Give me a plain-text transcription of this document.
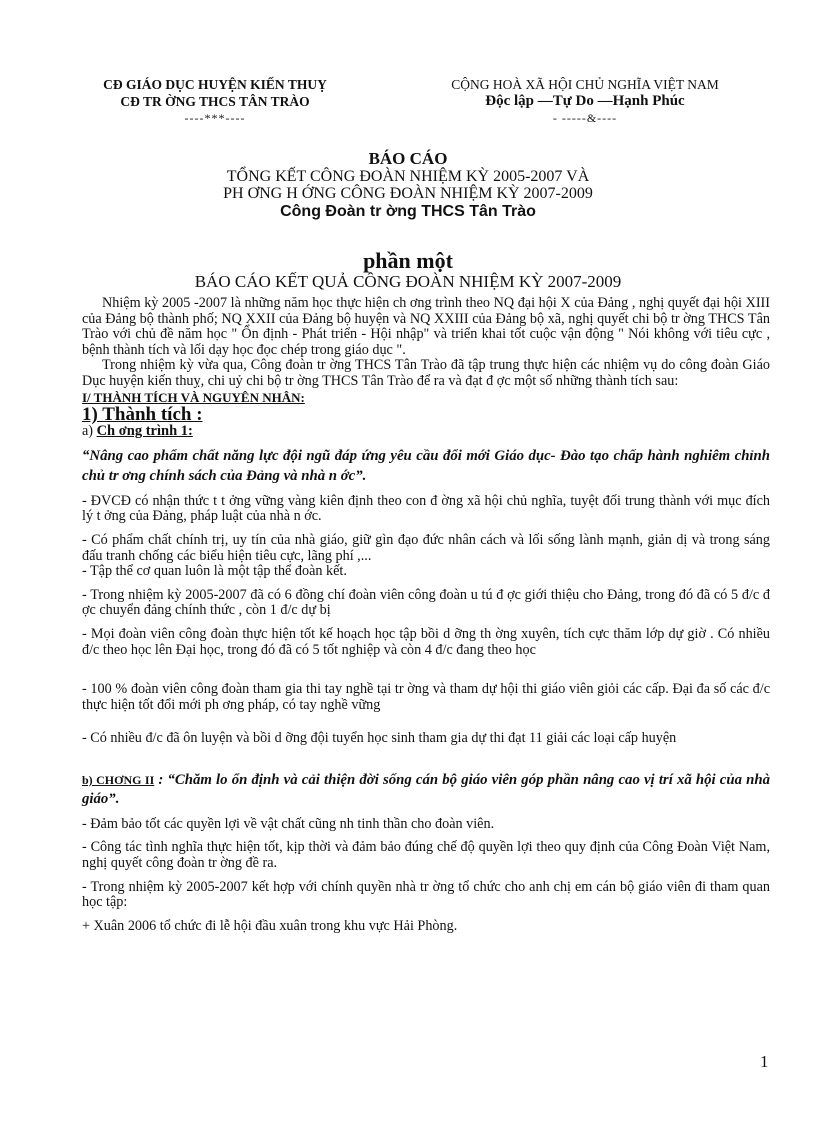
CĐ GIÁO DỤC HUYỆN KIẾN THUỴ
CĐ TR ỜNG THCS TÂN TRÀO
----***----
CỘNG HOÀ XÃ HỘI CHỦ NGHĨA VIỆT NAM
Độc lập —Tự Do —Hạnh Phúc
- -----&----
BÁO CÁO
TỔNG KẾT CÔNG ĐOÀN NHIỆM KỲ 2005-2007 VÀ
PH ƠNG H ỚNG CÔNG ĐOÀN NHIỆM KỲ 2007-2009
Công Đoàn tr ờng THCS Tân Trào
phần một
BÁO CÁO KẾT QUẢ CÔNG ĐOÀN NHIỆM KỲ 2007-2009

Nhiệm kỳ 2005 -2007 là những năm học thực hiện ch ơng trình theo NQ đại hội X của Đảng , nghị quyết đại hội XIII của Đảng bộ thành phố; NQ XXII của Đảng bộ huyện và NQ XXIII của Đảng bộ xã, nghị quyết chi bộ tr ờng THCS Tân Trào với chủ đề năm học " Ổn định - Phát triển - Hội nhập" và triển khai tốt cuộc vận động " Nói không với tiêu cực , bệnh thành tích và lối dạy học đọc chép trong giáo dục ".

Trong nhiệm kỳ vừa qua, Công đoàn tr ờng THCS Tân Trào đã tập trung thực hiện các nhiệm vụ do công đoàn Giáo Dục huyện kiến thuỵ, chi uỷ chi bộ tr ờng THCS Tân Trào để ra và đạt đ ợc một số những thành tích sau:

I/ THÀNH TÍCH VÀ NGUYÊN NHÂN:

1) Thành tích :

a) Ch ơng trình 1:

“Nâng cao phẩm chất năng lực đội ngũ đáp ứng yêu cầu đổi mới Giáo dục- Đào tạo chấp hành nghiêm chỉnh chủ tr ơng chính sách của Đảng và nhà n ớc”.

- ĐVCĐ có nhận thức t t ởng vững vàng kiên định theo con đ ờng xã hội chủ nghĩa, tuyệt đối trung thành với mục đích lý t ởng của Đảng, pháp luật của nhà n ớc.

- Có phẩm chất chính trị, uy tín của nhà giáo, giữ gìn đạo đức nhân cách và lối sống lành mạnh, giản dị và trong sáng đấu tranh chống các biểu hiện tiêu cực, lãng phí ,...

- Tập thể cơ quan luôn là một tập thể đoàn kết.

- Trong nhiệm kỳ 2005-2007 đã có 6 đồng chí đoàn viên công đoàn u tú đ ợc giới thiệu cho Đảng, trong đó đã có 5 đ/c đ ợc chuyển đảng chính thức , còn 1 đ/c dự bị

- Mọi đoàn viên công đoàn thực hiện tốt kế hoạch học tập bồi d ỡng th ờng xuyên, tích cực thăm lớp dự giờ . Có nhiều đ/c theo học lên Đại học, trong đó đã có 5 tốt nghiệp và còn 4 đ/c đang theo học

- 100 % đoàn viên công đoàn tham gia thi tay nghề tại tr ờng và tham dự hội thi giáo viên giỏi các cấp. Đại đa số các đ/c thực hiện tốt đổi mới ph ơng pháp, có tay nghề vững

- Có nhiều đ/c đã ôn luyện và bồi d ỡng đội tuyển học sinh tham gia dự thi đạt 11 giải các loại cấp huyện

b) CHƠNG II : “Chăm lo ổn định và cải thiện đời sống cán bộ giáo viên góp phần nâng cao vị trí xã hội của nhà giáo”.

- Đảm bảo tốt các quyền lợi về vật chất cũng nh tinh thần cho đoàn viên.

- Công tác tình nghĩa thực hiện tốt, kịp thời và đảm bảo đúng chế độ quyền lợi theo quy định của Công Đoàn Việt Nam, nghị quyết công đoàn tr ờng đề ra.

- Trong nhiệm kỳ 2005-2007 kết hợp với chính quyền nhà tr ờng tổ chức cho anh chị em cán bộ giáo viên đi tham quan học tập:

+ Xuân 2006 tổ chức đi lễ hội đầu xuân trong khu vực Hải Phòng.

1
